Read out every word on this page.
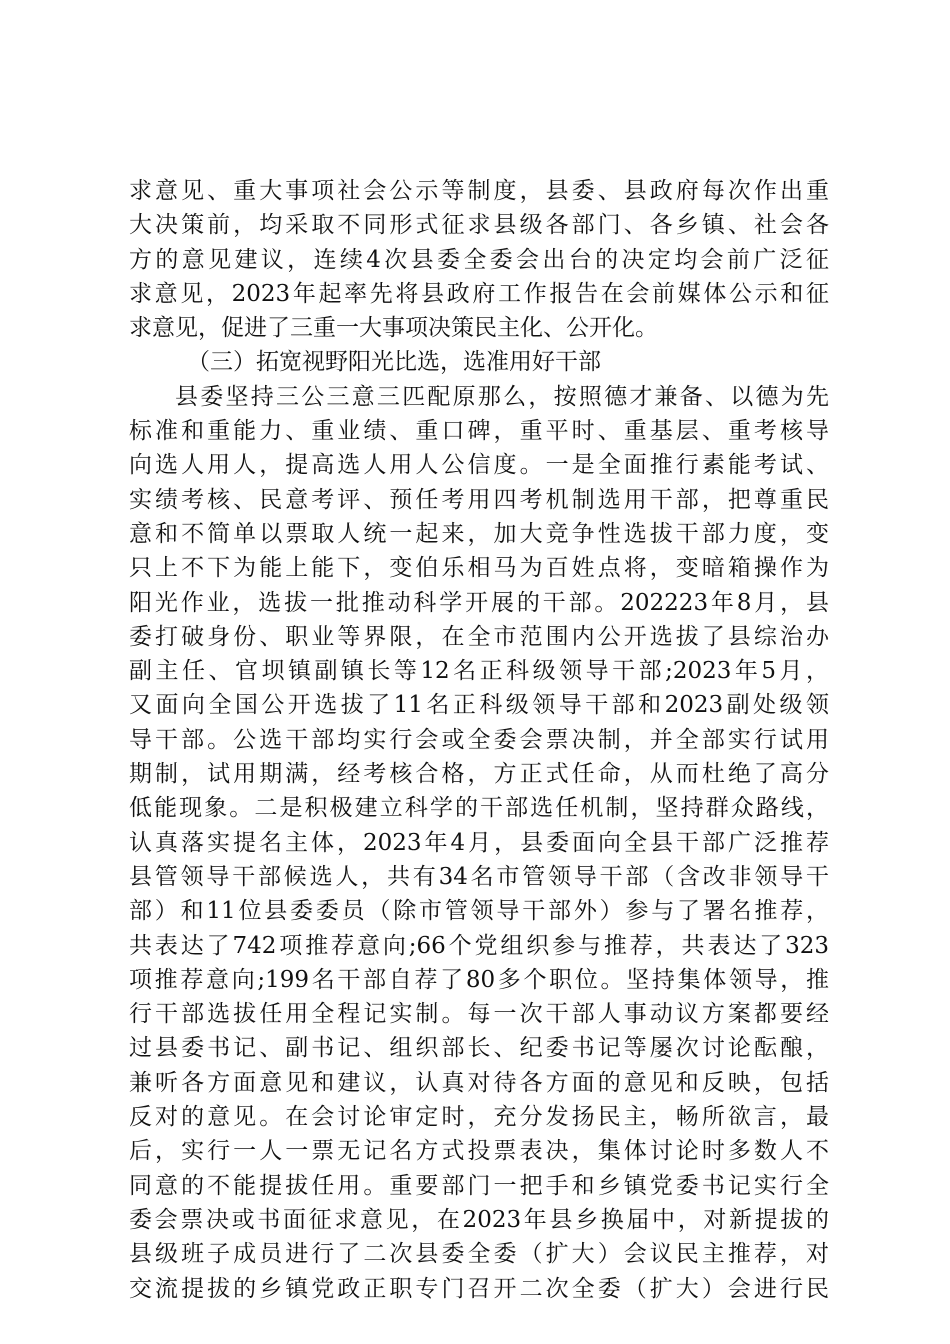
求意见、重大事项社会公示等制度，县委、县政府每次作出重
大决策前，均采取不同形式征求县级各部门、各乡镇、社会各
方的意见建议，连续4次县委全委会出台的决定均会前广泛征
求意见，2023年起率先将县政府工作报告在会前媒体公示和征
求意见，促进了三重一大事项决策民主化、公开化。
（三）拓宽视野阳光比选，选准用好干部
县委坚持三公三意三匹配原那么，按照德才兼备、以德为先
标准和重能力、重业绩、重口碑，重平时、重基层、重考核导
向选人用人，提高选人用人公信度。一是全面推行素能考试、
实绩考核、民意考评、预任考用四考机制选用干部，把尊重民
意和不简单以票取人统一起来，加大竞争性选拔干部力度，变
只上不下为能上能下，变伯乐相马为百姓点将，变暗箱操作为
阳光作业，选拔一批推动科学开展的干部。202223年8月，县
委打破身份、职业等界限，在全市范围内公开选拔了县综治办
副主任、官坝镇副镇长等12名正科级领导干部;2023年5月，
又面向全国公开选拔了11名正科级领导干部和2023副处级领
导干部。公选干部均实行会或全委会票决制，并全部实行试用
期制，试用期满，经考核合格，方正式任命，从而杜绝了高分
低能现象。二是积极建立科学的干部选任机制，坚持群众路线，
认真落实提名主体，2023年4月，县委面向全县干部广泛推荐
县管领导干部候选人，共有34名市管领导干部（含改非领导干
部）和11位县委委员（除市管领导干部外）参与了署名推荐，
共表达了742项推荐意向;66个党组织参与推荐，共表达了323
项推荐意向;199名干部自荐了80多个职位。坚持集体领导，推
行干部选拔任用全程记实制。每一次干部人事动议方案都要经
过县委书记、副书记、组织部长、纪委书记等屡次讨论酝酿，
兼听各方面意见和建议，认真对待各方面的意见和反映，包括
反对的意见。在会讨论审定时，充分发扬民主，畅所欲言，最
后，实行一人一票无记名方式投票表决，集体讨论时多数人不
同意的不能提拔任用。重要部门一把手和乡镇党委书记实行全
委会票决或书面征求意见，在2023年县乡换届中，对新提拔的
县级班子成员进行了二次县委全委（扩大）会议民主推荐，对
交流提拔的乡镇党政正职专门召开二次全委（扩大）会进行民
